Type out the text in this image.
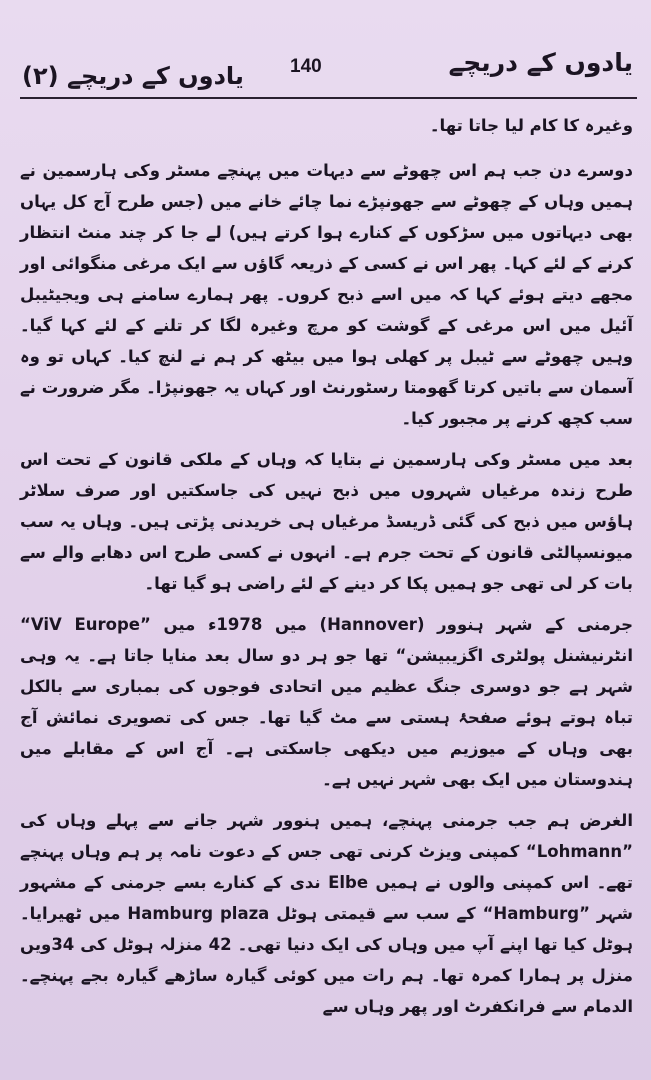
یادوں کے دریچے
140
یادوں کے دریچے (۲)

وغیرہ کا کام لیا جاتا تھا۔

دوسرے دن جب ہم اس چھوٹے سے دیہات میں پہنچے مسٹر وکی ہارسمین نے ہمیں وہاں کے چھوٹے سے جھونپڑے نما چائے خانے میں (جس طرح آج کل یہاں بھی دیہاتوں میں سڑکوں کے کنارے ہوا کرتے ہیں) لے جا کر چند منٹ انتظار کرنے کے لئے کہا۔ پھر اس نے کسی کے ذریعہ گاؤں سے ایک مرغی منگوائی اور مجھے دیتے ہوئے کہا کہ میں اسے ذبح کروں۔ پھر ہمارے سامنے ہی ویجیٹیبل آئیل میں اس مرغی کے گوشت کو مرچ وغیرہ لگا کر تلنے کے لئے کہا گیا۔ وہیں چھوٹے سے ٹیبل پر کھلی ہوا میں بیٹھ کر ہم نے لنچ کیا۔ کہاں تو وہ آسمان سے باتیں کرتا گھومتا رسٹورنٹ اور کہاں یہ جھونپڑا۔ مگر ضرورت نے سب کچھ کرنے پر مجبور کیا۔

بعد میں مسٹر وکی ہارسمین نے بتایا کہ وہاں کے ملکی قانون کے تحت اس طرح زندہ مرغیاں شہروں میں ذبح نہیں کی جاسکتیں اور صرف سلاٹر ہاؤس میں ذبح کی گئی ڈریسڈ مرغیاں ہی خریدنی پڑتی ہیں۔ وہاں یہ سب میونسپالٹی قانون کے تحت جرم ہے۔ انہوں نے کسی طرح اس دھابے والے سے بات کر لی تھی جو ہمیں پکا کر دینے کے لئے راضی ہو گیا تھا۔

جرمنی کے شہر ہنوور (Hannover) میں 1978ء میں ”ViV Europe“ انٹرنیشنل پولٹری اگزیبیشن“ تھا جو ہر دو سال بعد منایا جاتا ہے۔ یہ وہی شہر ہے جو دوسری جنگ عظیم میں اتحادی فوجوں کی بمباری سے بالکل تباہ ہوتے ہوئے صفحۂ ہستی سے مٹ گیا تھا۔ جس کی تصویری نمائش آج بھی وہاں کے میوزیم میں دیکھی جاسکتی ہے۔ آج اس کے مقابلے میں ہندوستان میں ایک بھی شہر نہیں ہے۔

الغرض ہم جب جرمنی پہنچے، ہمیں ہنوور شہر جانے سے پہلے وہاں کی ”Lohmann“ کمپنی ویزٹ کرنی تھی جس کے دعوت نامہ پر ہم وہاں پہنچے تھے۔ اس کمپنی والوں نے ہمیں Elbe ندی کے کنارے بسے جرمنی کے مشہور شہر ”Hamburg“ کے سب سے قیمتی ہوٹل Hamburg plaza میں ٹھیرایا۔ ہوٹل کیا تھا اپنے آپ میں وہاں کی ایک دنیا تھی۔ 42 منزلہ ہوٹل کی 34ویں منزل پر ہمارا کمرہ تھا۔ ہم رات میں کوئی گیارہ ساڑھے گیارہ بجے پہنچے۔ الدمام سے فرانکفرٹ اور پھر وہاں سے
